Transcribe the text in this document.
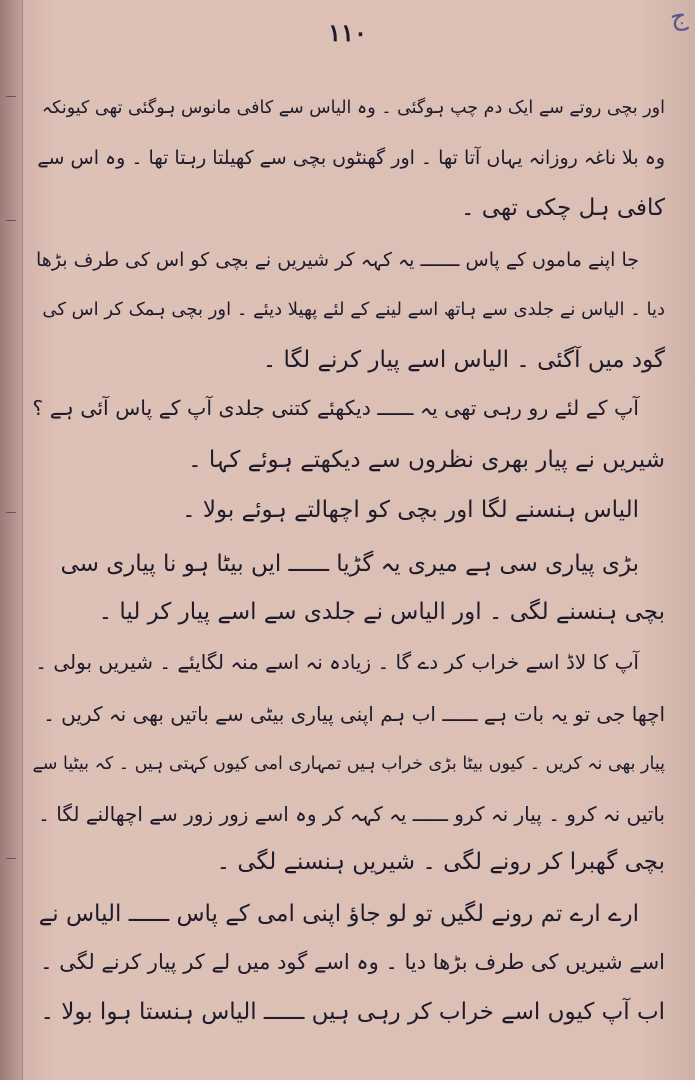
ج
۱۱۰
اور بچی روتے سے ایک دم چپ ہوگئی ۔ وہ الیاس سے کافی مانوس ہوگئی تھی کیونکہ
وہ بلا ناغہ روزانہ یہاں آتا تھا ۔ اور گھنٹوں بچی سے کھیلتا رہتا تھا ۔ وہ اس سے
کافی ہل چکی تھی ۔
جا اپنے ماموں کے پاس ـــــــ یہ کہہ کر شیریں نے بچی کو اس کی طرف بڑھا
دیا ۔ الیاس نے جلدی سے ہاتھ اسے لینے کے لئے پھیلا دیئے ۔ اور بچی ہمک کر اس کی
گود میں آگئی ۔ الیاس اسے پیار کرنے لگا ۔
آپ کے لئے رو رہی تھی یہ ــــــ دیکھئے کتنی جلدی آپ کے پاس آئی ہے ؟
شیریں نے پیار بھری نظروں سے دیکھتے ہوئے کہا ۔
الیاس ہنسنے لگا اور بچی کو اچھالتے ہوئے بولا ۔
بڑی پیاری سی ہے میری یہ گڑیا ــــــ ایں بیٹا ہو نا پیاری سی
بچی ہنسنے لگی ۔ اور الیاس نے جلدی سے اسے پیار کر لیا ۔
آپ کا لاڈ اسے خراب کر دے گا ۔ زیادہ نہ اسے منہ لگایئے ۔ شیریں بولی ۔
اچھا جی تو یہ بات ہے ــــــ اب ہم اپنی پیاری بیٹی سے باتیں بھی نہ کریں ۔
پیار بھی نہ کریں ۔ کیوں بیٹا بڑی خراب ہیں تمہاری امی کیوں کہتی ہیں ۔ کہ بیٹیا سے
باتیں نہ کرو ۔ پیار نہ کرو ــــــ یہ کہہ کر وہ اسے زور زور سے اچھالنے لگا ۔
بچی گھبرا کر رونے لگی ۔ شیریں ہنسنے لگی ۔
ارے ارے تم رونے لگیں تو لو جاؤ اپنی امی کے پاس ــــــ الیاس نے
اسے شیریں کی طرف بڑھا دیا ۔ وہ اسے گود میں لے کر پیار کرنے لگی ۔
اب آپ کیوں اسے خراب کر رہی ہیں ــــــ الیاس ہنستا ہوا بولا ۔
